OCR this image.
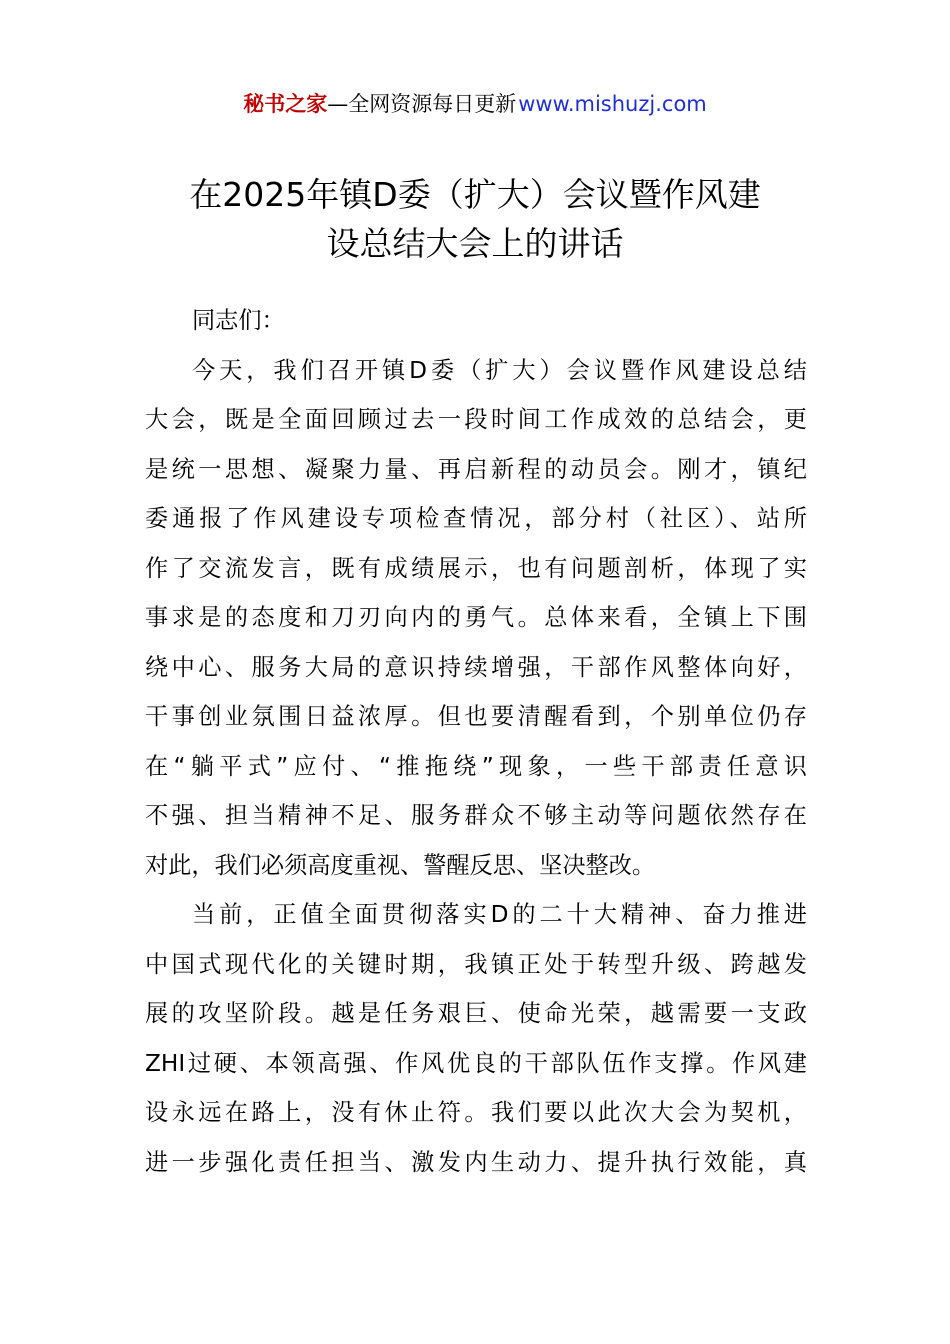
秘书之家—全网资源每日更新www.mishuzj.com
在2025年镇D委（扩大）会议暨作风建
设总结大会上的讲话
同志们：
今天，我们召开镇D委（扩大）会议暨作风建设总结
大会，既是全面回顾过去一段时间工作成效的总结会，更
是统一思想、凝聚力量、再启新程的动员会。刚才，镇纪
委通报了作风建设专项检查情况，部分村（社区）、站所
作了交流发言，既有成绩展示，也有问题剖析，体现了实
事求是的态度和刀刃向内的勇气。总体来看，全镇上下围
绕中心、服务大局的意识持续增强，干部作风整体向好，
干事创业氛围日益浓厚。但也要清醒看到，个别单位仍存
在“躺平式”应付、“推拖绕”现象，一些干部责任意识
不强、担当精神不足、服务群众不够主动等问题依然存在
对此，我们必须高度重视、警醒反思、坚决整改。
当前，正值全面贯彻落实D的二十大精神、奋力推进
中国式现代化的关键时期，我镇正处于转型升级、跨越发
展的攻坚阶段。越是任务艰巨、使命光荣，越需要一支政
ZHI过硬、本领高强、作风优良的干部队伍作支撑。作风建
设永远在路上，没有休止符。我们要以此次大会为契机，
进一步强化责任担当、激发内生动力、提升执行效能，真
